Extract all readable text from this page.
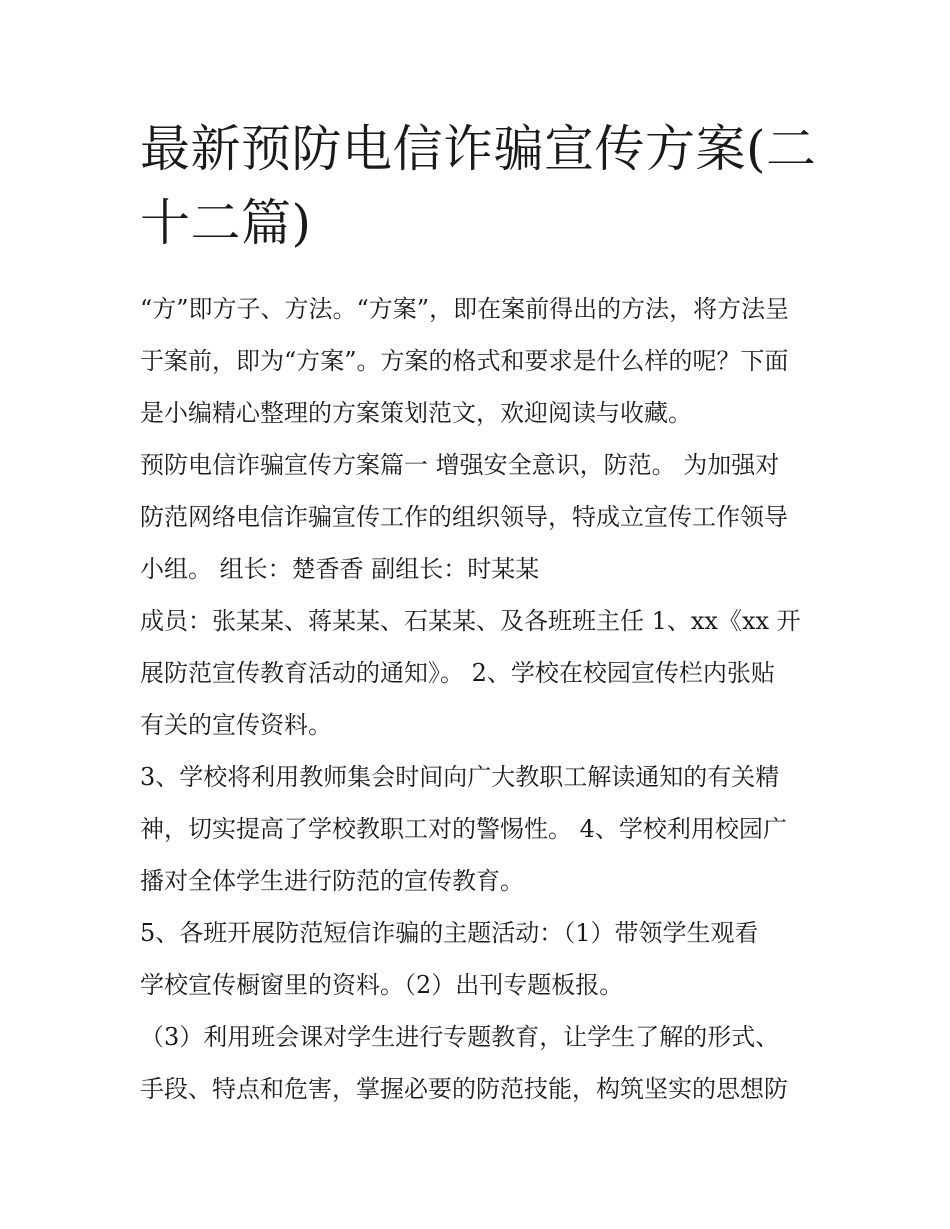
最新预防电信诈骗宣传方案(二
十二篇)

“方”即方子、方法。“方案”，即在案前得出的方法，将方法呈
于案前，即为“方案”。方案的格式和要求是什么样的呢？下面
是小编精心整理的方案策划范文，欢迎阅读与收藏。

预防电信诈骗宣传方案篇一 增强安全意识，防范。 为加强对
防范网络电信诈骗宣传工作的组织领导，特成立宣传工作领导
小组。 组长：楚香香 副组长：时某某

成员：张某某、蒋某某、石某某、及各班班主任 1、xx《xx 开
展防范宣传教育活动的通知》。 2、学校在校园宣传栏内张贴
有关的宣传资料。

3、学校将利用教师集会时间向广大教职工解读通知的有关精
神，切实提高了学校教职工对的警惕性。 4、学校利用校园广
播对全体学生进行防范的宣传教育。

5、各班开展防范短信诈骗的主题活动：（1）带领学生观看
学校宣传橱窗里的资料。（2）出刊专题板报。

（3）利用班会课对学生进行专题教育，让学生了解的形式、
手段、特点和危害，掌握必要的防范技能，构筑坚实的思想防
